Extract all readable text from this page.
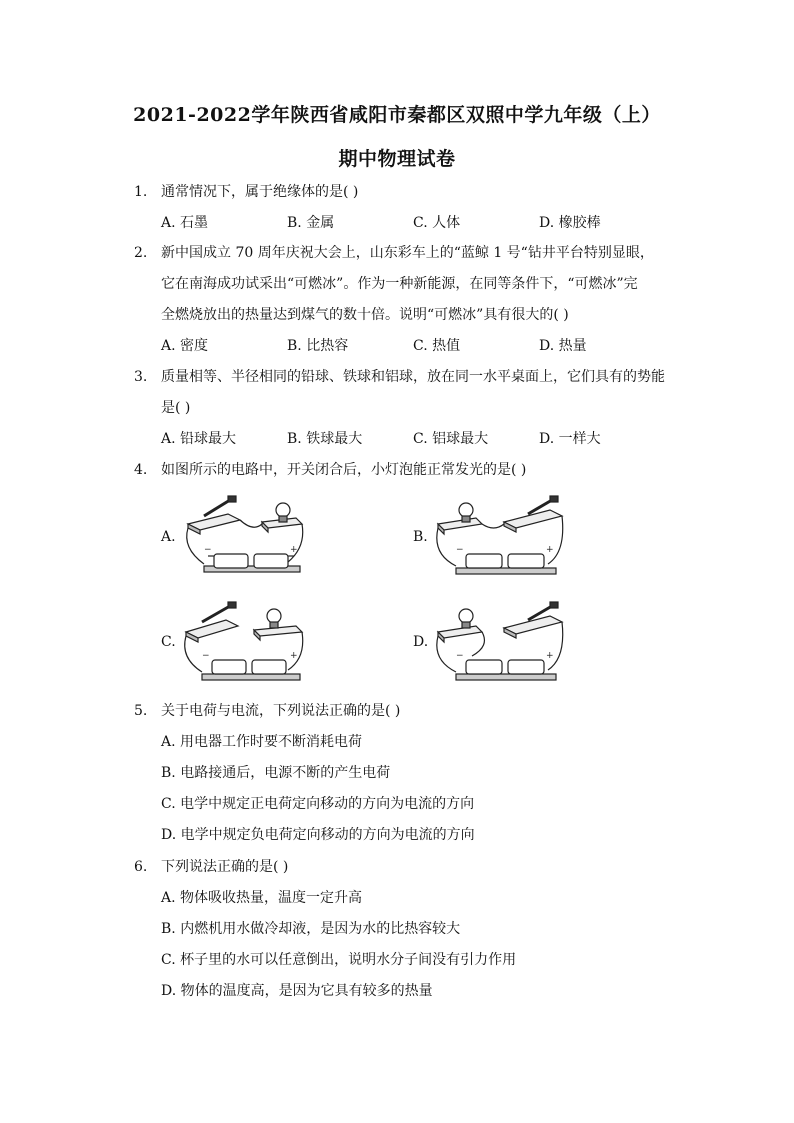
2021-2022学年陕西省咸阳市秦都区双照中学九年级（上）
期中物理试卷
1. 通常情况下，属于绝缘体的是( )
A. 石墨	B. 金属	C. 人体	D. 橡胶棒
2. 新中国成立 70 周年庆祝大会上，山东彩车上的“蓝鲸 1 号“钻井平台特别显眼，
它在南海成功试采出“可燃冰”。作为一种新能源，在同等条件下，“可燃冰”完
全燃烧放出的热量达到煤气的数十倍。说明“可燃冰”具有很大的( )
A. 密度	B. 比热容	C. 热值	D. 热量
3. 质量相等、半径相同的铅球、铁球和铝球，放在同一水平桌面上，它们具有的势能
是( )
A. 铅球最大	B. 铁球最大	C. 铝球最大	D. 一样大
4. 如图所示的电路中，开关闭合后，小灯泡能正常发光的是( )
A.	B.
C.	D.
−	+	−	+
−	+	−	+
5. 关于电荷与电流，下列说法正确的是( )
A. 用电器工作时要不断消耗电荷
B. 电路接通后，电源不断的产生电荷
C. 电学中规定正电荷定向移动的方向为电流的方向
D. 电学中规定负电荷定向移动的方向为电流的方向
6. 下列说法正确的是( )
A. 物体吸收热量，温度一定升高
B. 内燃机用水做冷却液，是因为水的比热容较大
C. 杯子里的水可以任意倒出，说明水分子间没有引力作用
D. 物体的温度高，是因为它具有较多的热量
